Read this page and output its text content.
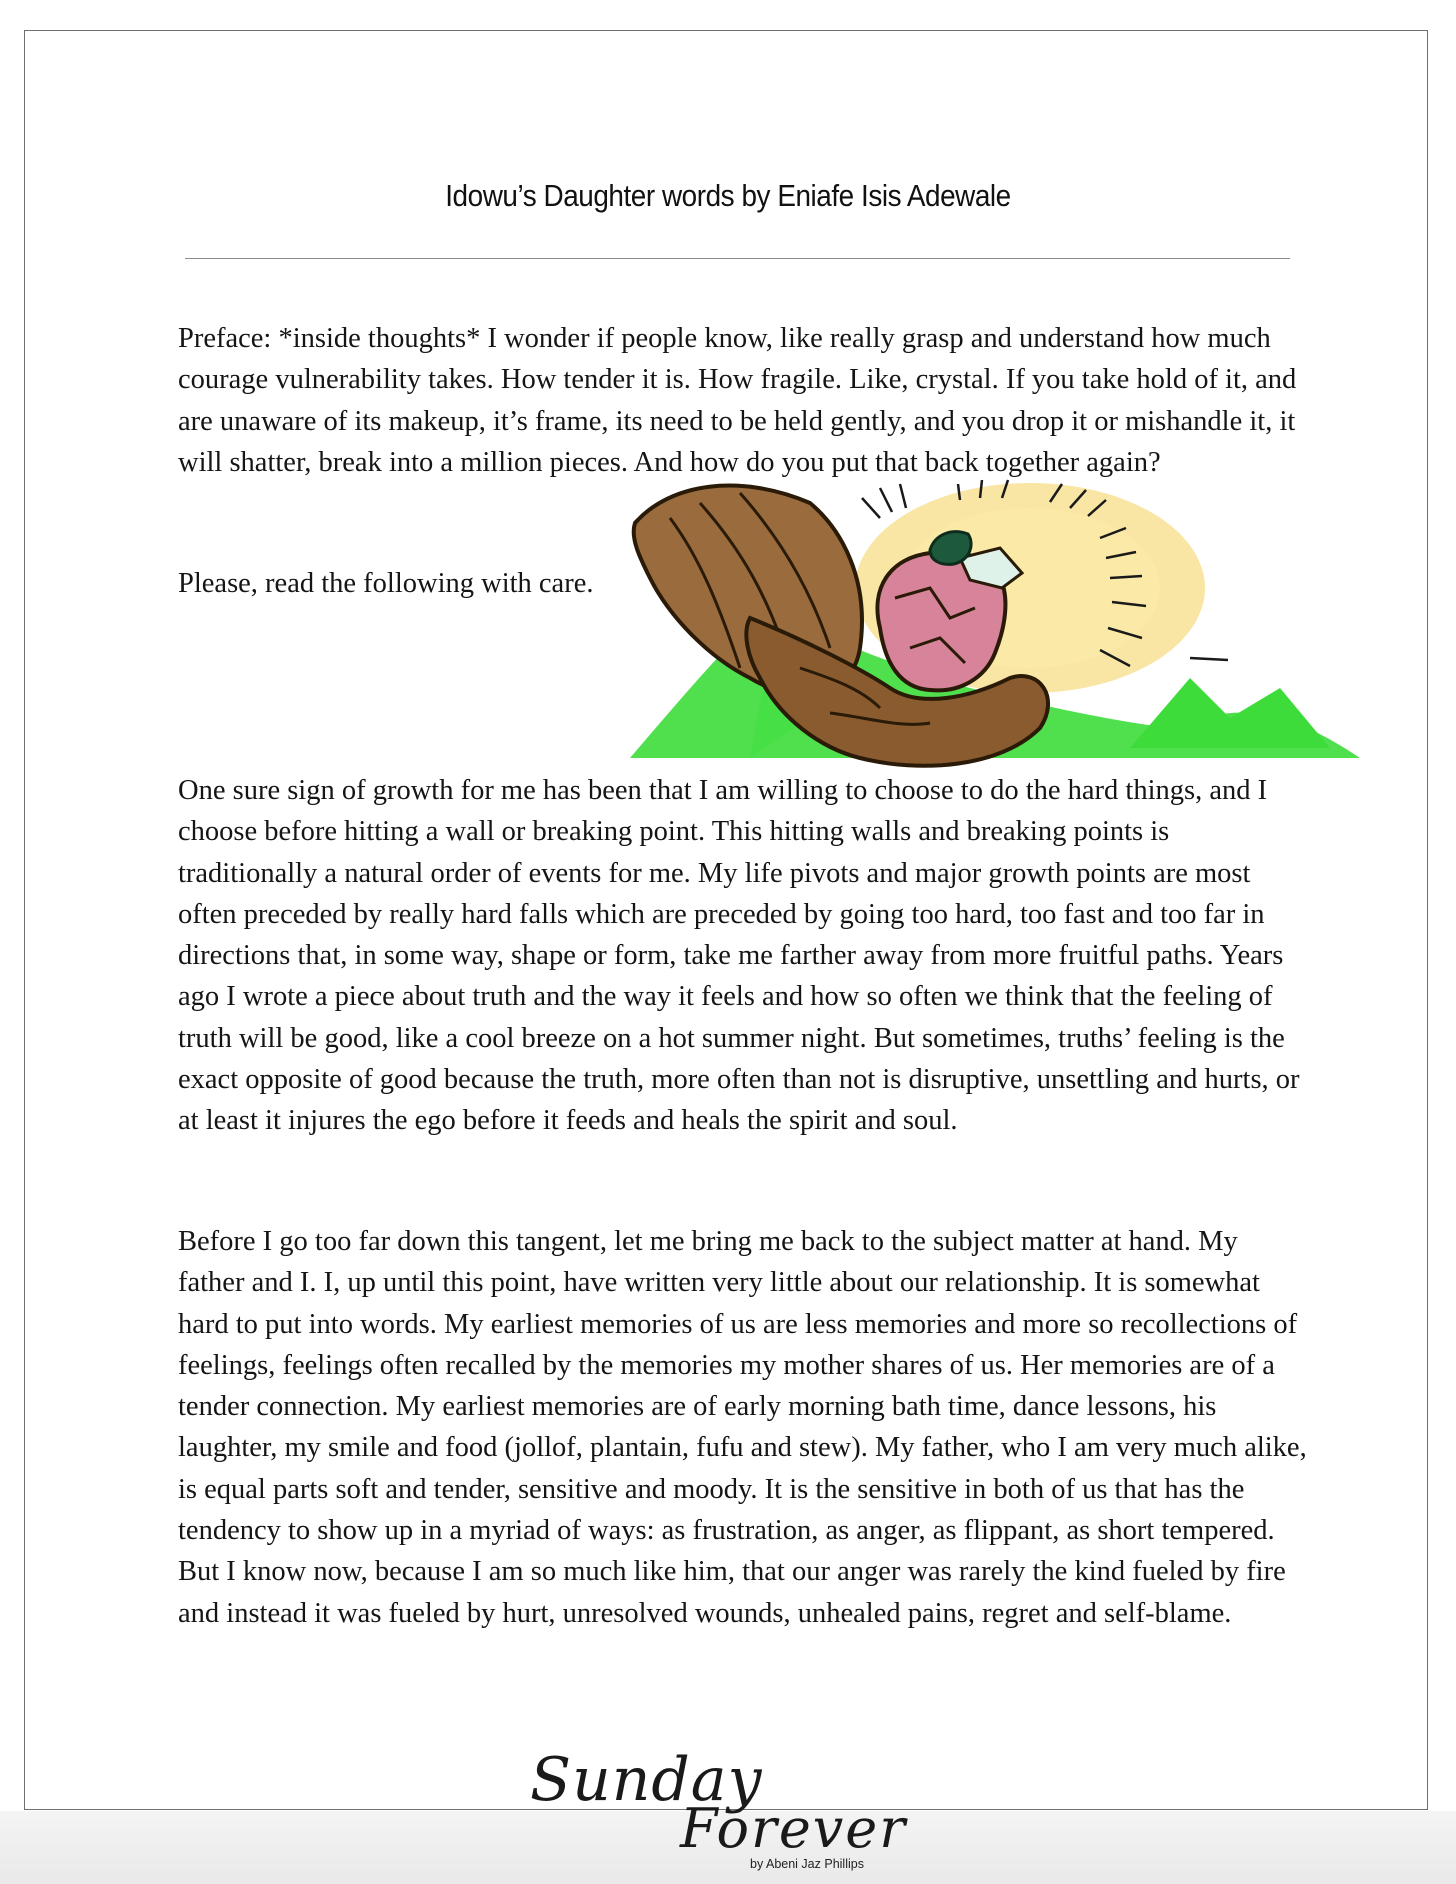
Idowu’s Daughter words by Eniafe Isis Adewale

Preface: *inside thoughts* I wonder if people know, like really grasp and understand how much courage vulnerability takes. How tender it is. How fragile. Like, crystal. If you take hold of it, and are unaware of its makeup, it’s frame, its need to be held gently, and you drop it or mishandle it, it will shatter, break into a million pieces. And how do you put that back together again?

Please, read the following with care.

One sure sign of growth for me has been that I am willing to choose to do the hard things, and I choose before hitting a wall or breaking point. This hitting walls and breaking points is traditionally a natural order of events for me. My life pivots and major growth points are most often preceded by really hard falls which are preceded by going too hard, too fast and too far in directions that, in some way, shape or form, take me farther away from more fruitful paths. Years ago I wrote a piece about truth and the way it feels and how so often we think that the feeling of truth will be good, like a cool breeze on a hot summer night. But sometimes, truths’ feeling is the exact opposite of good because the truth, more often than not is disruptive, unsettling and hurts, or at least it injures the ego before it feeds and heals the spirit and soul.

Before I go too far down this tangent, let me bring me back to the subject matter at hand. My father and I. I, up until this point, have written very little about our relationship. It is somewhat hard to put into words. My earliest memories of us are less memories and more so recollections of feelings, feelings often recalled by the memories my mother shares of us. Her memories are of a tender connection. My earliest memories are of early morning bath time, dance lessons, his laughter, my smile and food (jollof, plantain, fufu and stew). My father, who I am very much alike, is equal parts soft and tender, sensitive and moody. It is the sensitive in both of us that has the tendency to show up in a myriad of ways: as frustration, as anger, as flippant, as short tempered. But I know now, because I am so much like him, that our anger was rarely the kind fueled by fire and instead it was fueled by hurt, unresolved wounds, unhealed pains, regret and self-blame.

Sunday
Forever
by Abeni Jaz Phillips
